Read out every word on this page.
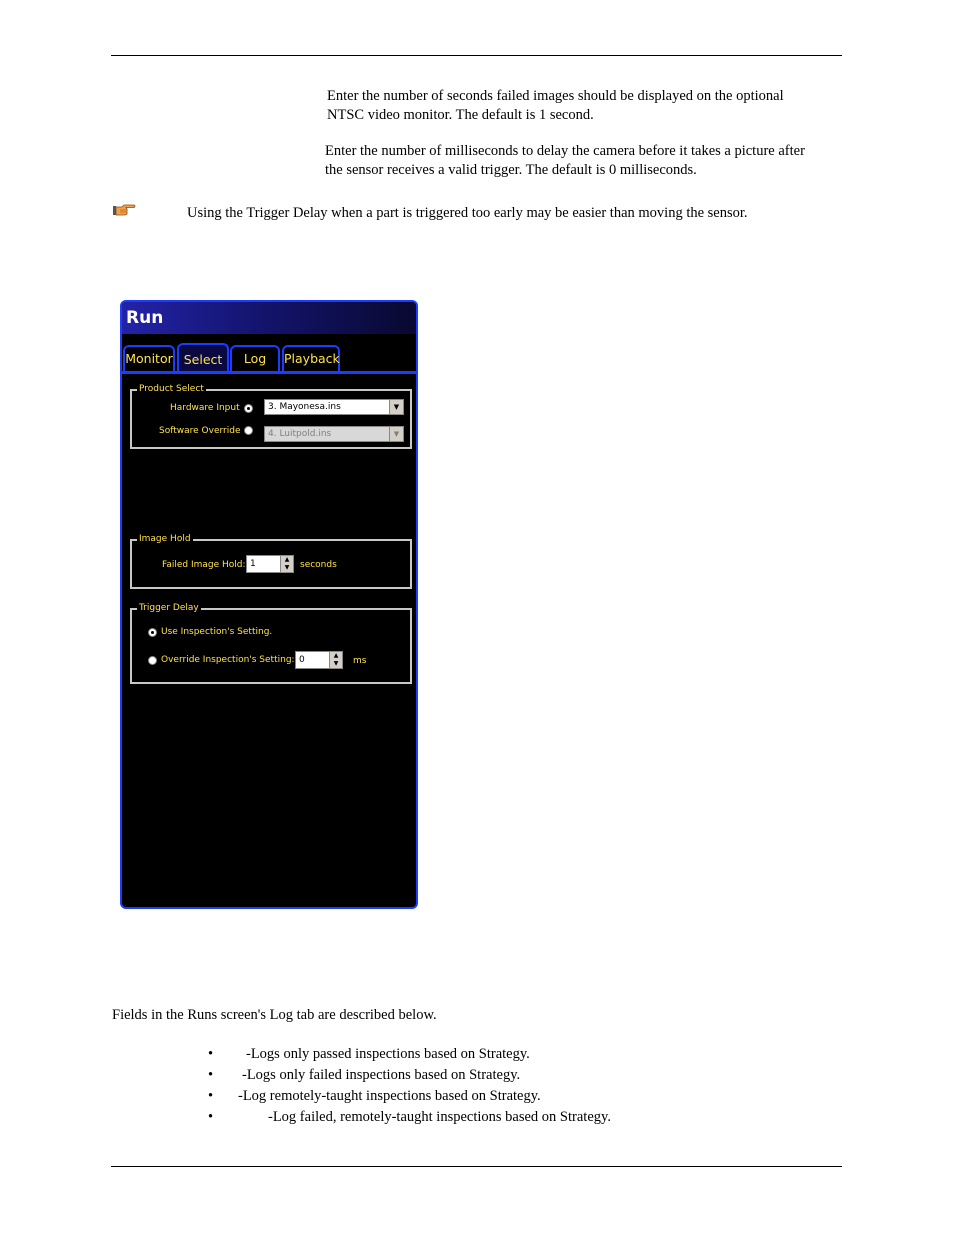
Enter the number of seconds failed images should be displayed on the optional
NTSC video monitor. The default is 1 second.
Enter the number of milliseconds to delay the camera before it takes a picture after
the sensor receives a valid trigger. The default is 0 milliseconds.
Using the Trigger Delay when a part is triggered too early may be easier than moving the sensor.
Run
Monitor Select	Log	Playback
Product Select
Hardware Input	3. Mayonesa.ins	▼
Software Override	4. Luitpold.ins	▼
Image Hold
Failed Image Hold: 1	▲
▼	seconds
Trigger Delay
Use Inspection's Setting.
Override Inspection's Setting: 0	▲
▼	ms
Fields in the Runs screen's Log tab are described below.
• -Logs only passed inspections based on Strategy.
• -Logs only failed inspections based on Strategy.
• -Log remotely-taught inspections based on Strategy.
•	-Log failed, remotely-taught inspections based on Strategy.
